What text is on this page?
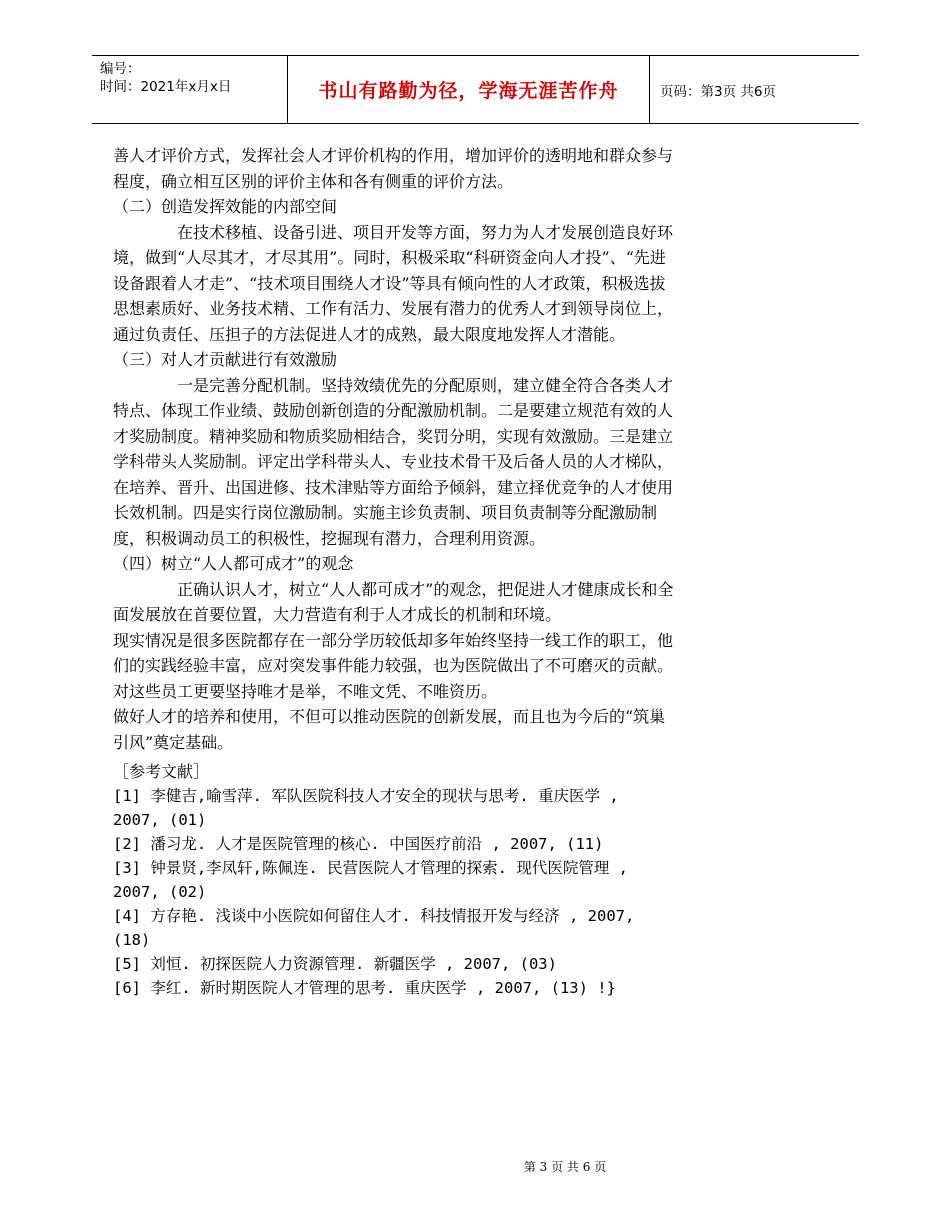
编号：
时间：2021年x月x日	书山有路勤为径，学海无涯苦作舟	页码：第3页 共6页
善人才评价方式，发挥社会人才评价机构的作用，增加评价的透明地和群众参与
程度，确立相互区别的评价主体和各有侧重的评价方法。
（二）创造发挥效能的内部空间
在技术移植、设备引进、项目开发等方面，努力为人才发展创造良好环
境，做到“人尽其才，才尽其用”。同时，积极采取“科研资金向人才投”、“先进
设备跟着人才走”、“技术项目围绕人才设”等具有倾向性的人才政策，积极选拔
思想素质好、业务技术精、工作有活力、发展有潜力的优秀人才到领导岗位上，
通过负责任、压担子的方法促进人才的成熟，最大限度地发挥人才潜能。
（三）对人才贡献进行有效激励
一是完善分配机制。坚持效绩优先的分配原则，建立健全符合各类人才
特点、体现工作业绩、鼓励创新创造的分配激励机制。二是要建立规范有效的人
才奖励制度。精神奖励和物质奖励相结合，奖罚分明，实现有效激励。三是建立
学科带头人奖励制。评定出学科带头人、专业技术骨干及后备人员的人才梯队，
在培养、晋升、出国进修、技术津贴等方面给予倾斜，建立择优竞争的人才使用
长效机制。四是实行岗位激励制。实施主诊负责制、项目负责制等分配激励制
度，积极调动员工的积极性，挖掘现有潜力，合理利用资源。
（四）树立“人人都可成才”的观念
正确认识人才，树立“人人都可成才”的观念，把促进人才健康成长和全
面发展放在首要位置，大力营造有利于人才成长的机制和环境。
现实情况是很多医院都存在一部分学历较低却多年始终坚持一线工作的职工，他
们的实践经验丰富，应对突发事件能力较强，也为医院做出了不可磨灭的贡献。
对这些员工更要坚持唯才是举，不唯文凭、不唯资历。
做好人才的培养和使用，不但可以推动医院的创新发展，而且也为今后的“筑巢
引风”奠定基础。
［参考文献］
[1] 李健吉,喻雪萍. 军队医院科技人才安全的现状与思考. 重庆医学 ,
2007, (01)
[2] 潘习龙. 人才是医院管理的核心. 中国医疗前沿 , 2007, (11)
[3] 钟景贤,李凤轩,陈佩连. 民营医院人才管理的探索. 现代医院管理 ,
2007, (02)
[4] 方存艳. 浅谈中小医院如何留住人才. 科技情报开发与经济 , 2007,
(18)
[5] 刘恒. 初探医院人力资源管理. 新疆医学 , 2007, (03)
[6] 李红. 新时期医院人才管理的思考. 重庆医学 , 2007, (13) !}
第 3 页 共 6 页
